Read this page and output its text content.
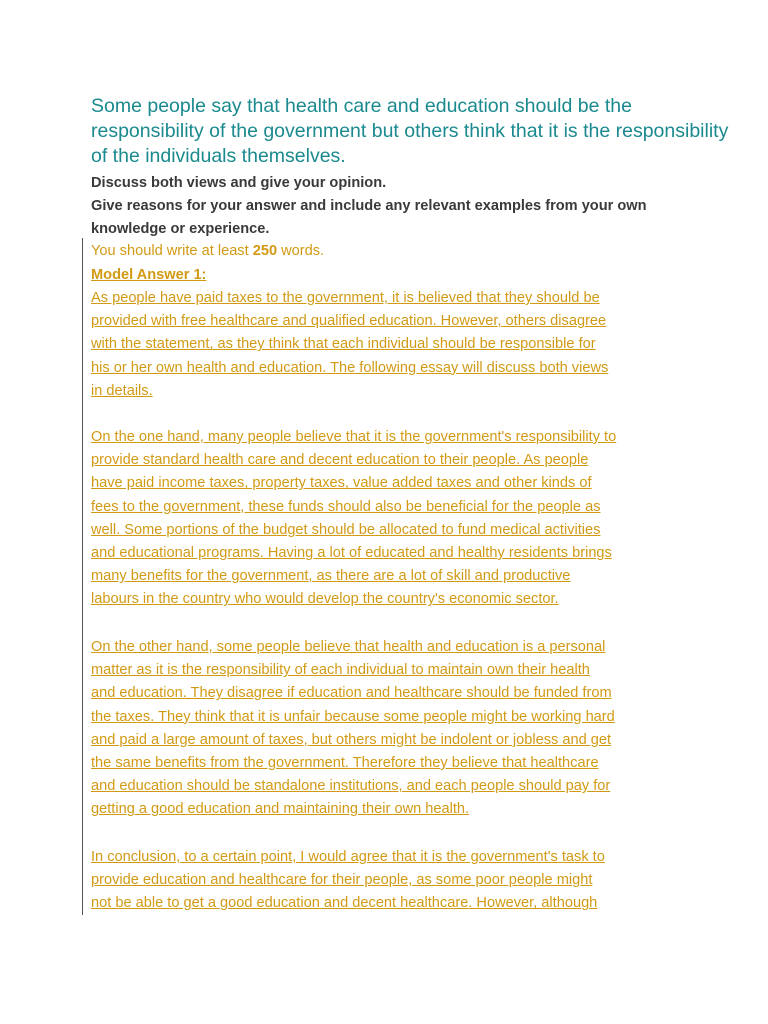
Some people say that health care and education should be the responsibility of the government but others think that it is the responsibility of the individuals themselves.

Discuss both views and give your opinion.

Give reasons for your answer and include any relevant examples from your own knowledge or experience.

You should write at least 250 words.

Model Answer 1:

As people have paid taxes to the government, it is believed that they should be
provided with free healthcare and qualified education. However, others disagree
with the statement, as they think that each individual should be responsible for
his or her own health and education. The following essay will discuss both views
in details.

On the one hand, many people believe that it is the government's responsibility to
provide standard health care and decent education to their people. As people
have paid income taxes, property taxes, value added taxes and other kinds of
fees to the government, these funds should also be beneficial for the people as
well. Some portions of the budget should be allocated to fund medical activities
and educational programs. Having a lot of educated and healthy residents brings
many benefits for the government, as there are a lot of skill and productive
labours in the country who would develop the country's economic sector.

On the other hand, some people believe that health and education is a personal
matter as it is the responsibility of each individual to maintain own their health
and education. They disagree if education and healthcare should be funded from
the taxes. They think that it is unfair because some people might be working hard
and paid a large amount of taxes, but others might be indolent or jobless and get
the same benefits from the government. Therefore they believe that healthcare
and education should be standalone institutions, and each people should pay for
getting a good education and maintaining their own health.

In conclusion, to a certain point, I would agree that it is the government's task to
provide education and healthcare for their people, as some poor people might
not be able to get a good education and decent healthcare. However, although
